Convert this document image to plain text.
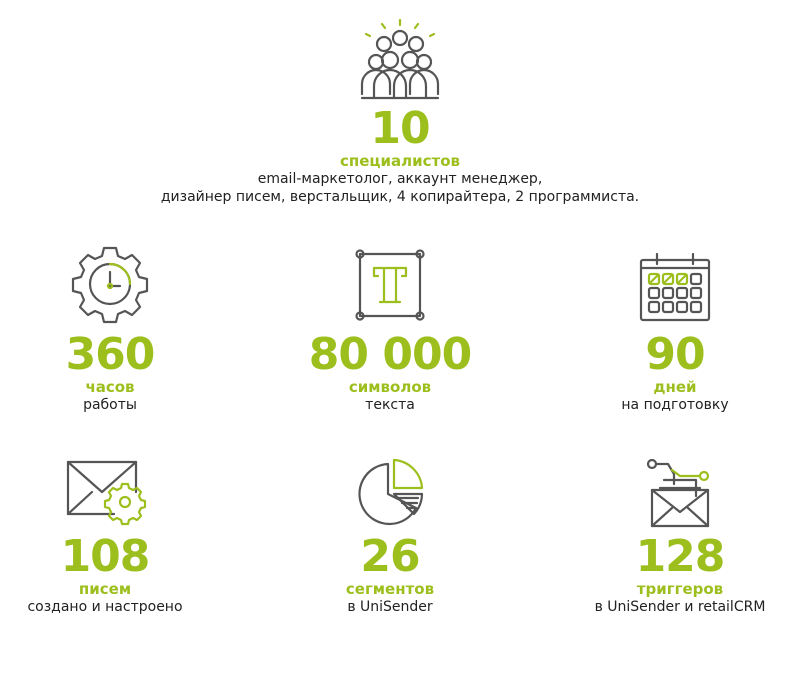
10
специалистов
email-маркетолог, аккаунт менеджер,
дизайнер писем, верстальщик, 4 копирайтера, 2 программиста.
360
часов
работы
80 000
символов
текста
90
дней
на подготовку
108
писем
создано и настроено
26
сегментов
в UniSender
128
триггеров
в UniSender и retailCRM
